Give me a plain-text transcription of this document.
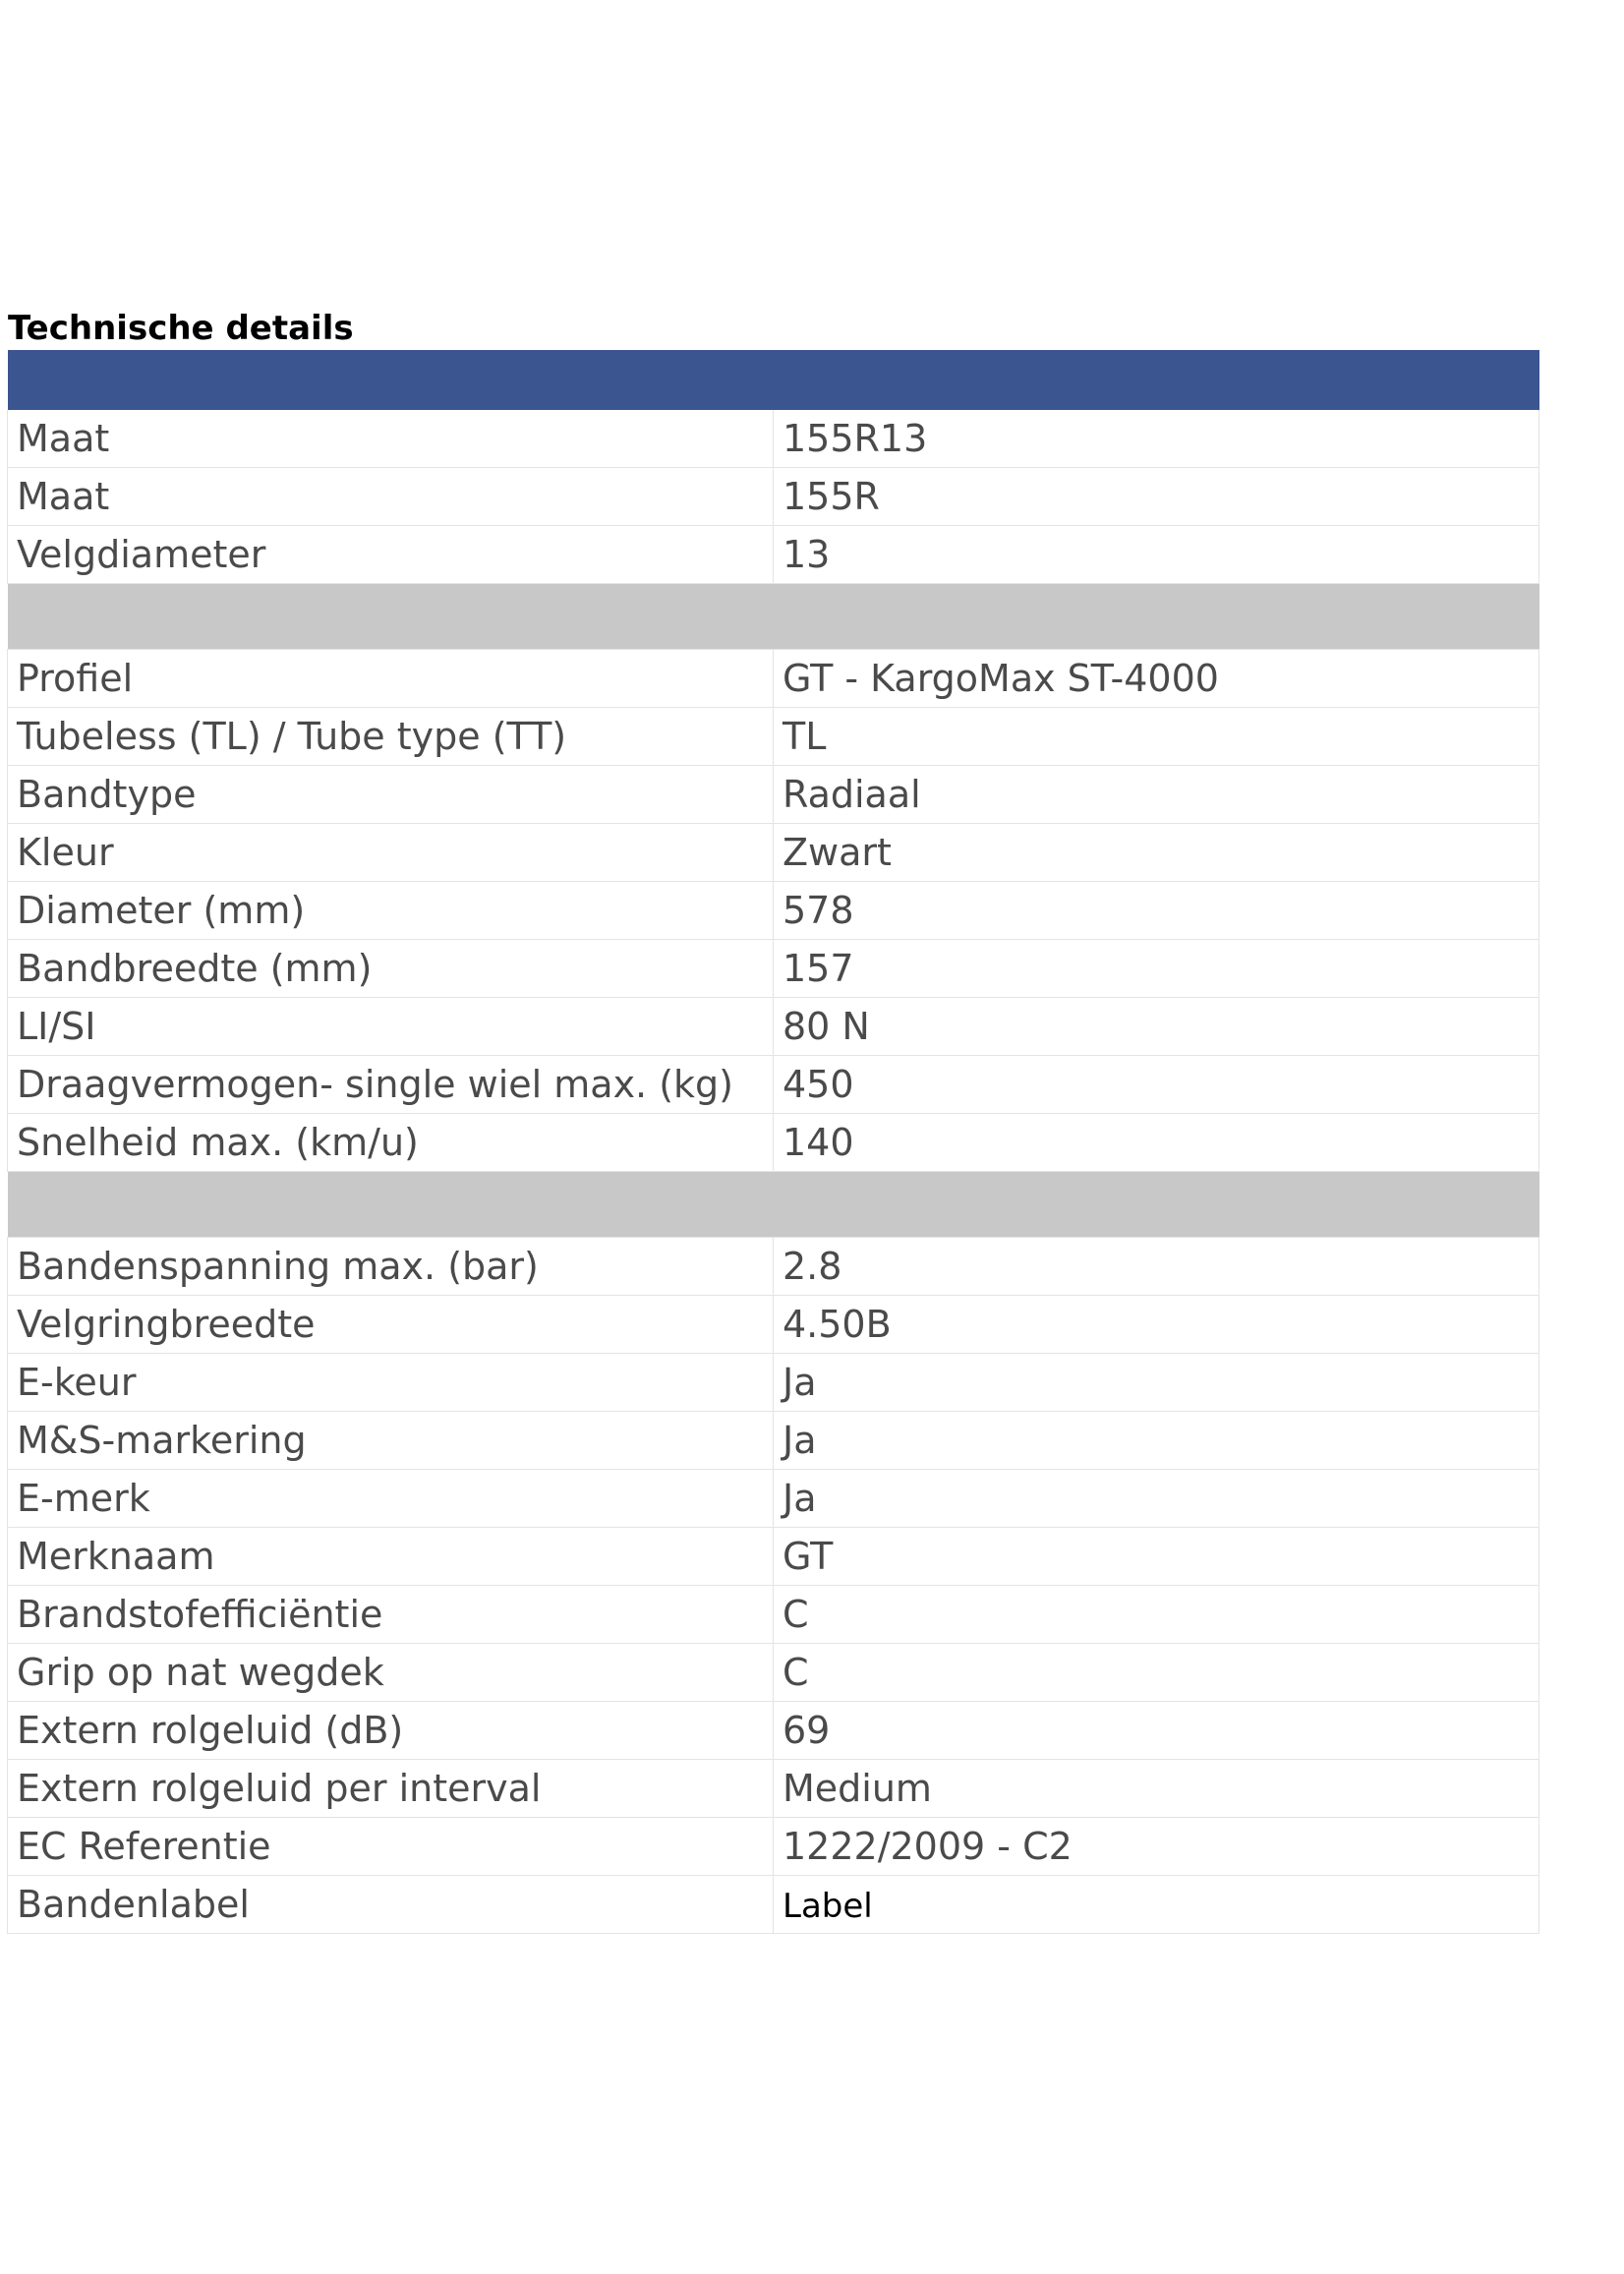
Technische details

Maat	155R13
Maat	155R
Velgdiameter	13

Profiel	GT - KargoMax ST-4000
Tubeless (TL) / Tube type (TT)	TL
Bandtype	Radiaal
Kleur	Zwart
Diameter (mm)	578
Bandbreedte (mm)	157
LI/SI	80 N
Draagvermogen- single wiel max. (kg)	450
Snelheid max. (km/u)	140

Bandenspanning max. (bar)	2.8
Velgringbreedte	4.50B
E-keur	Ja
M&S-markering	Ja
E-merk	Ja
Merknaam	GT
Brandstofefficiëntie	C
Grip op nat wegdek	C
Extern rolgeluid (dB)	69
Extern rolgeluid per interval	Medium
EC Referentie	1222/2009 - C2
Bandenlabel	Label
